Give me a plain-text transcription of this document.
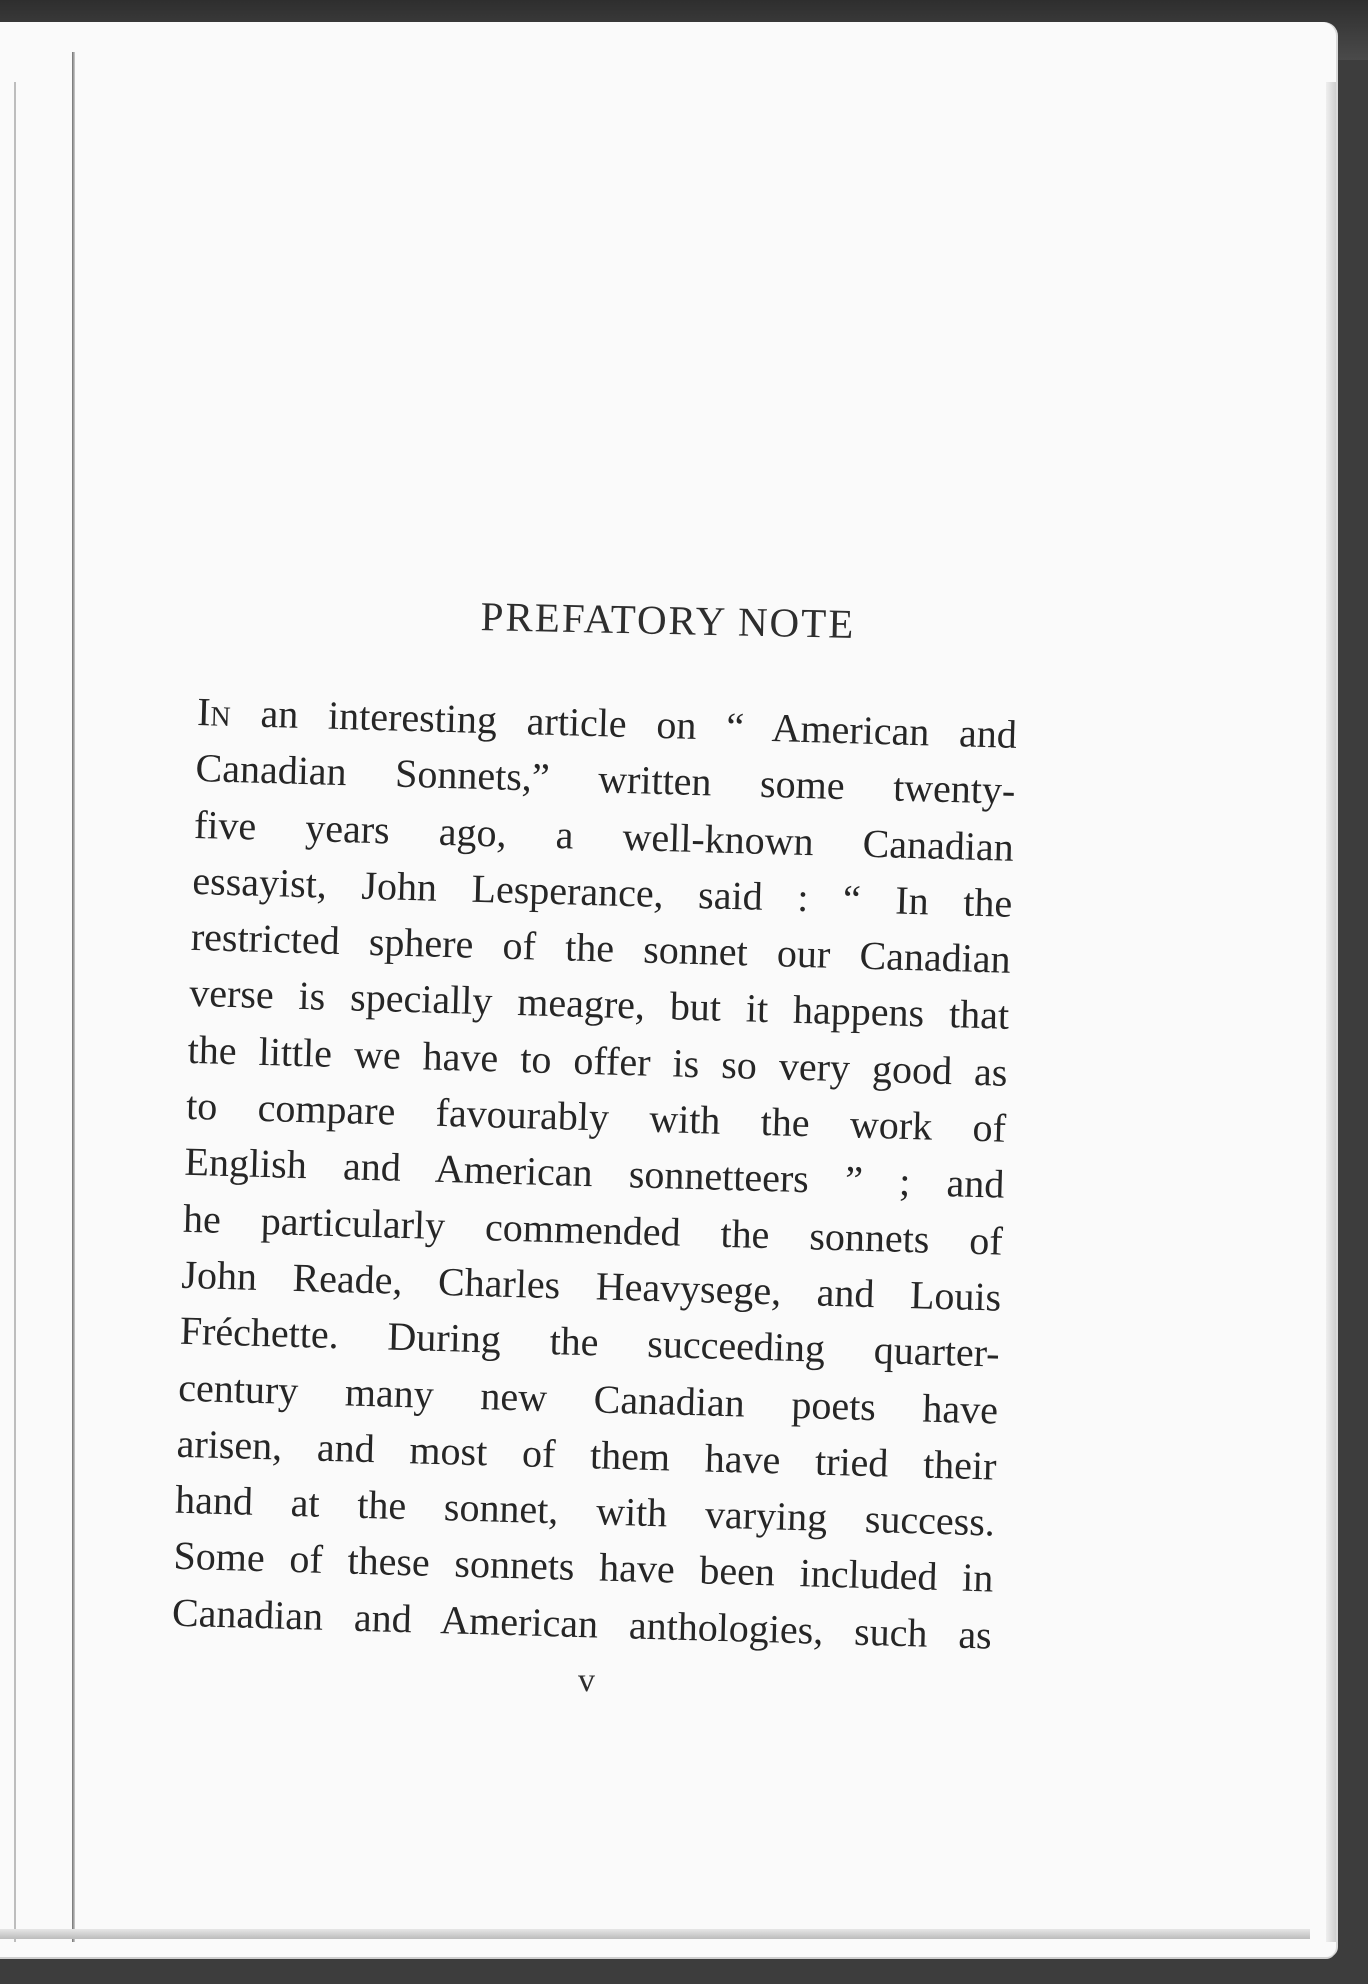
PREFATORY NOTE

In an interesting article on “ American and
Canadian Sonnets,” written some twenty-
five years ago, a well-known Canadian
essayist, John Lesperance, said : “ In the
restricted sphere of the sonnet our Canadian
verse is specially meagre, but it happens that
the little we have to offer is so very good as
to compare favourably with the work of
English and American sonnetteers ” ; and
he particularly commended the sonnets of
John Reade, Charles Heavysege, and Louis
Fréchette. During the succeeding quarter-
century many new Canadian poets have
arisen, and most of them have tried their
hand at the sonnet, with varying success.
Some of these sonnets have been included in
Canadian and American anthologies, such as

v
